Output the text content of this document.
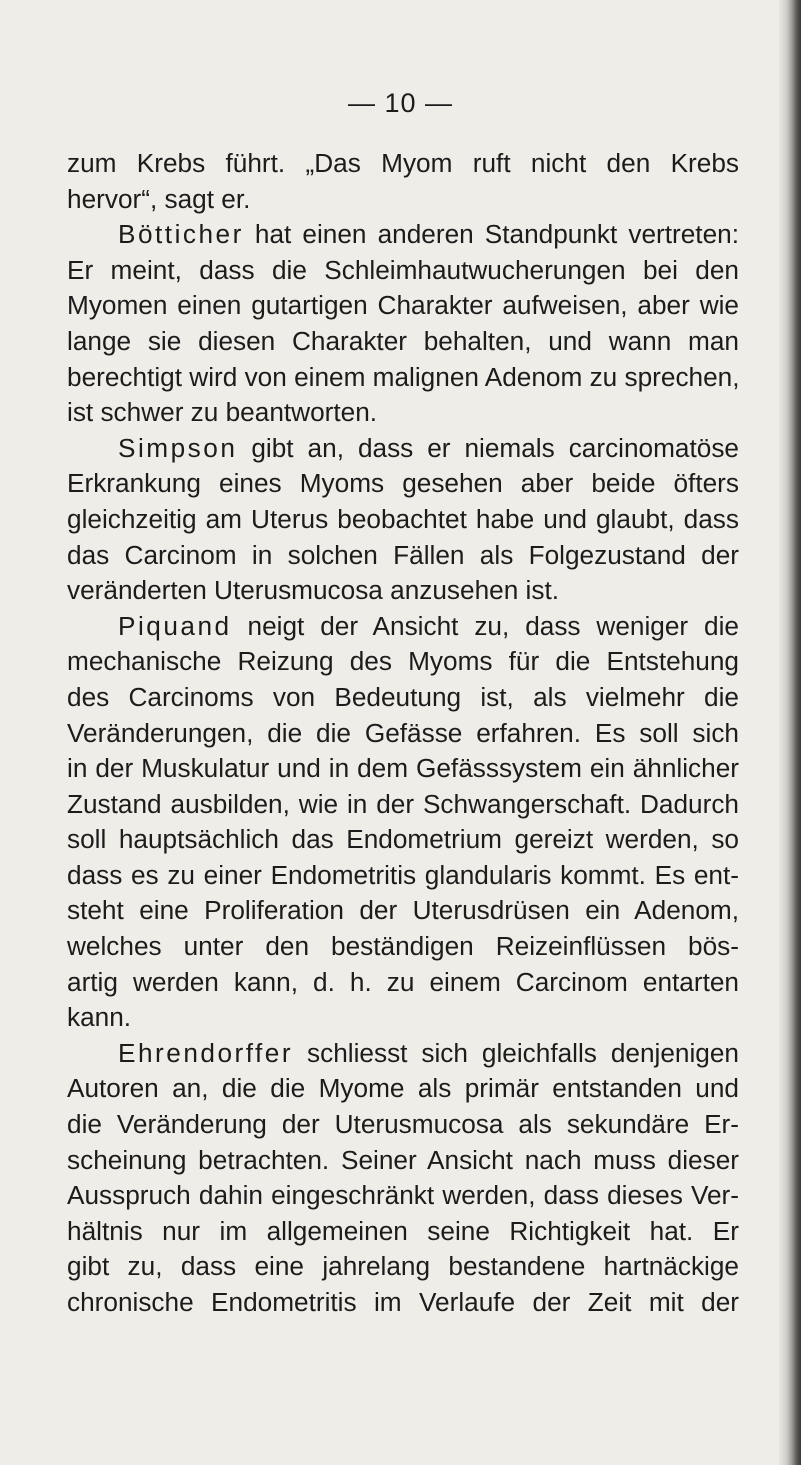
— 10 —
zum Krebs führt. „Das Myom ruft nicht den Krebs
hervor“, sagt er.
Bötticher hat einen anderen Standpunkt vertreten:
Er meint, dass die Schleimhautwucherungen bei den
Myomen einen gutartigen Charakter aufweisen, aber wie
lange sie diesen Charakter behalten, und wann man
berechtigt wird von einem malignen Adenom zu sprechen,
ist schwer zu beantworten.
Simpson gibt an, dass er niemals carcinomatöse
Erkrankung eines Myoms gesehen aber beide öfters
gleichzeitig am Uterus beobachtet habe und glaubt, dass
das Carcinom in solchen Fällen als Folgezustand der
veränderten Uterusmucosa anzusehen ist.
Piquand neigt der Ansicht zu, dass weniger die
mechanische Reizung des Myoms für die Entstehung
des Carcinoms von Bedeutung ist, als vielmehr die
Veränderungen, die die Gefässe erfahren. Es soll sich
in der Muskulatur und in dem Gefässsystem ein ähnlicher
Zustand ausbilden, wie in der Schwangerschaft. Dadurch
soll hauptsächlich das Endometrium gereizt werden, so
dass es zu einer Endometritis glandularis kommt. Es ent-
steht eine Proliferation der Uterusdrüsen ein Adenom,
welches unter den beständigen Reizeinflüssen bös-
artig werden kann, d. h. zu einem Carcinom entarten
kann.
Ehrendorffer schliesst sich gleichfalls denjenigen
Autoren an, die die Myome als primär entstanden und
die Veränderung der Uterusmucosa als sekundäre Er-
scheinung betrachten. Seiner Ansicht nach muss dieser
Ausspruch dahin eingeschränkt werden, dass dieses Ver-
hältnis nur im allgemeinen seine Richtigkeit hat. Er
gibt zu, dass eine jahrelang bestandene hartnäckige
chronische Endometritis im Verlaufe der Zeit mit der
